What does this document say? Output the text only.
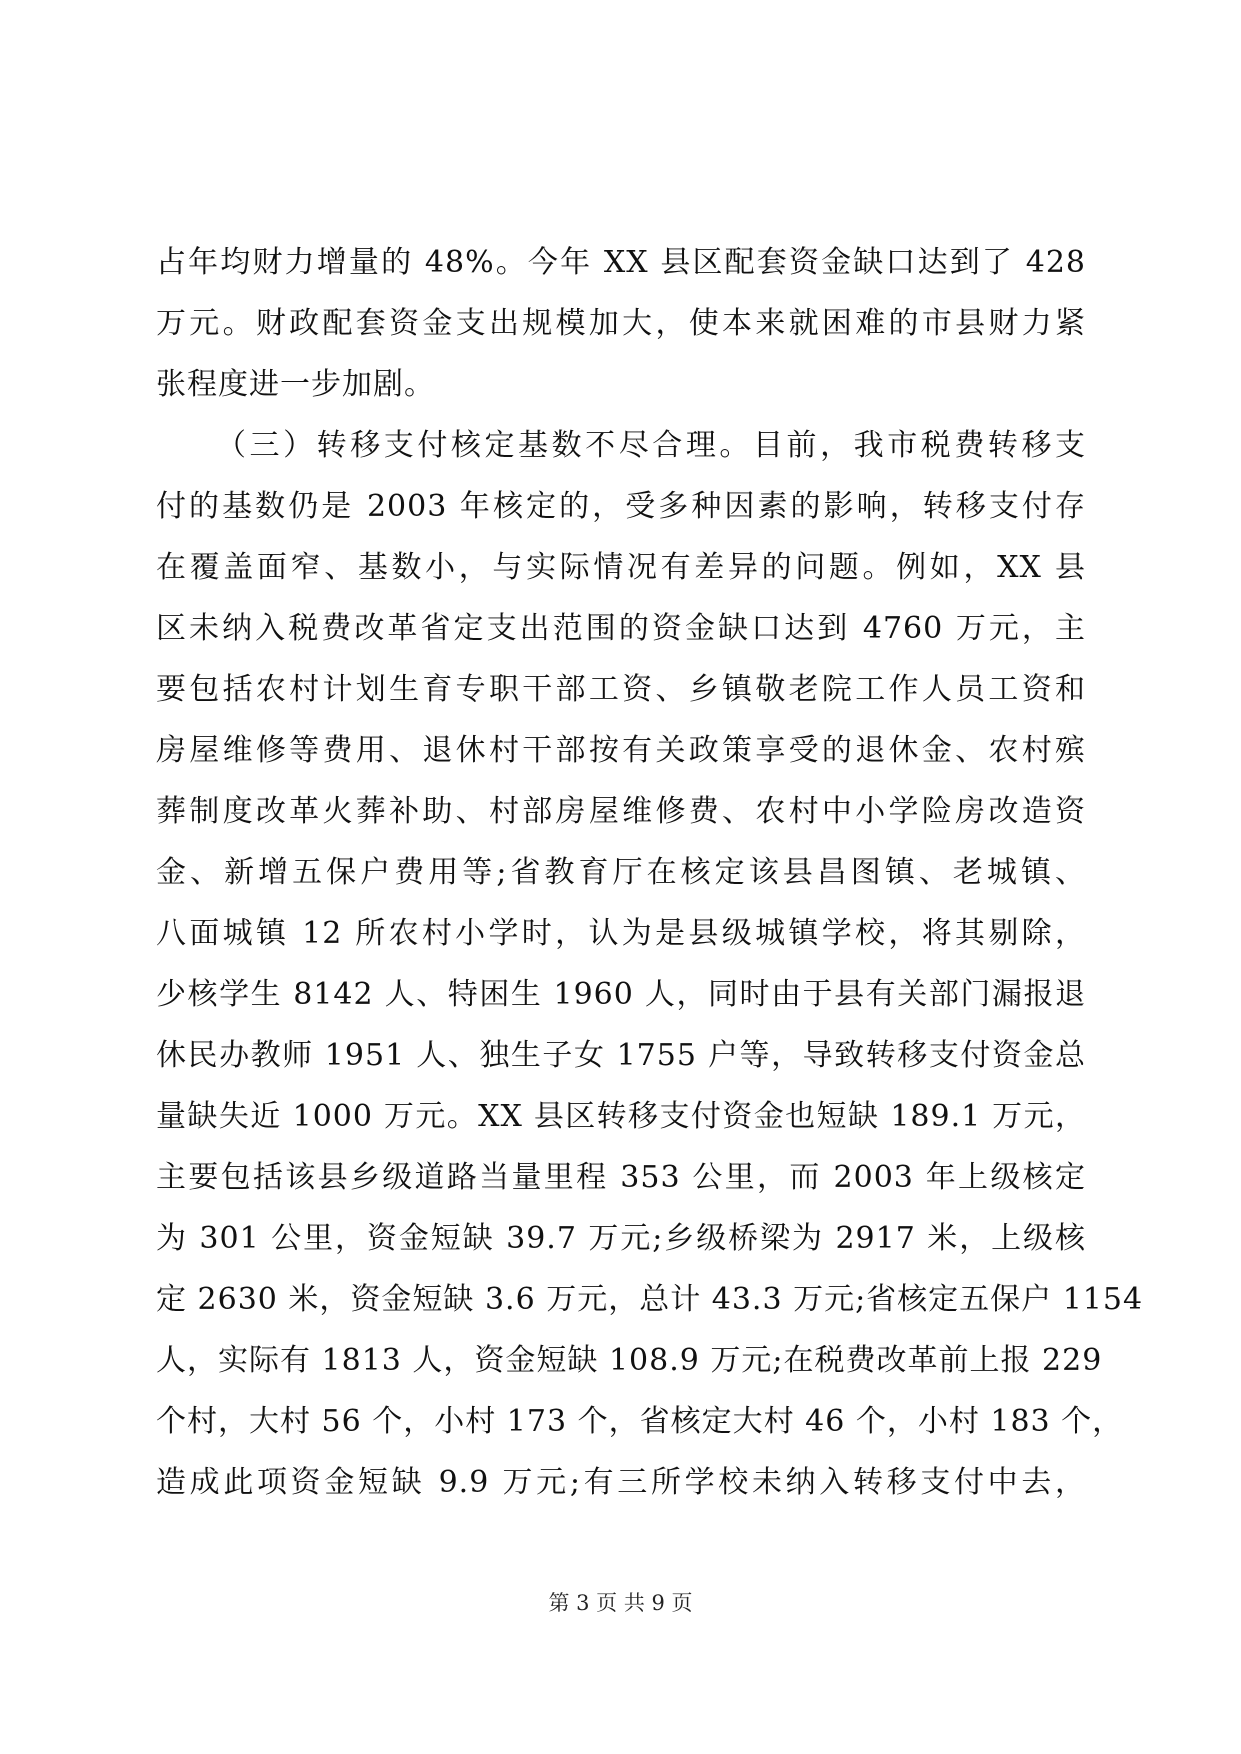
占年均财力增量的 48%。今年 XX 县区配套资金缺口达到了 428
万元。财政配套资金支出规模加大，使本来就困难的市县财力紧
张程度进一步加剧。
（三）转移支付核定基数不尽合理。目前，我市税费转移支
付的基数仍是 2003 年核定的，受多种因素的影响，转移支付存
在覆盖面窄、基数小，与实际情况有差异的问题。例如，XX 县
区未纳入税费改革省定支出范围的资金缺口达到 4760 万元，主
要包括农村计划生育专职干部工资、乡镇敬老院工作人员工资和
房屋维修等费用、退休村干部按有关政策享受的退休金、农村殡
葬制度改革火葬补助、村部房屋维修费、农村中小学险房改造资
金、新增五保户费用等;省教育厅在核定该县昌图镇、老城镇、
八面城镇 12 所农村小学时，认为是县级城镇学校，将其剔除，
少核学生 8142 人、特困生 1960 人，同时由于县有关部门漏报退
休民办教师 1951 人、独生子女 1755 户等，导致转移支付资金总
量缺失近 1000 万元。XX 县区转移支付资金也短缺 189.1 万元，
主要包括该县乡级道路当量里程 353 公里，而 2003 年上级核定
为 301 公里，资金短缺 39.7 万元;乡级桥梁为 2917 米，上级核
定 2630 米，资金短缺 3.6 万元，总计 43.3 万元;省核定五保户 1154
人，实际有 1813 人，资金短缺 108.9 万元;在税费改革前上报 229
个村，大村 56 个，小村 173 个，省核定大村 46 个，小村 183 个，
造成此项资金短缺 9.9 万元;有三所学校未纳入转移支付中去，
第 3 页 共 9 页
